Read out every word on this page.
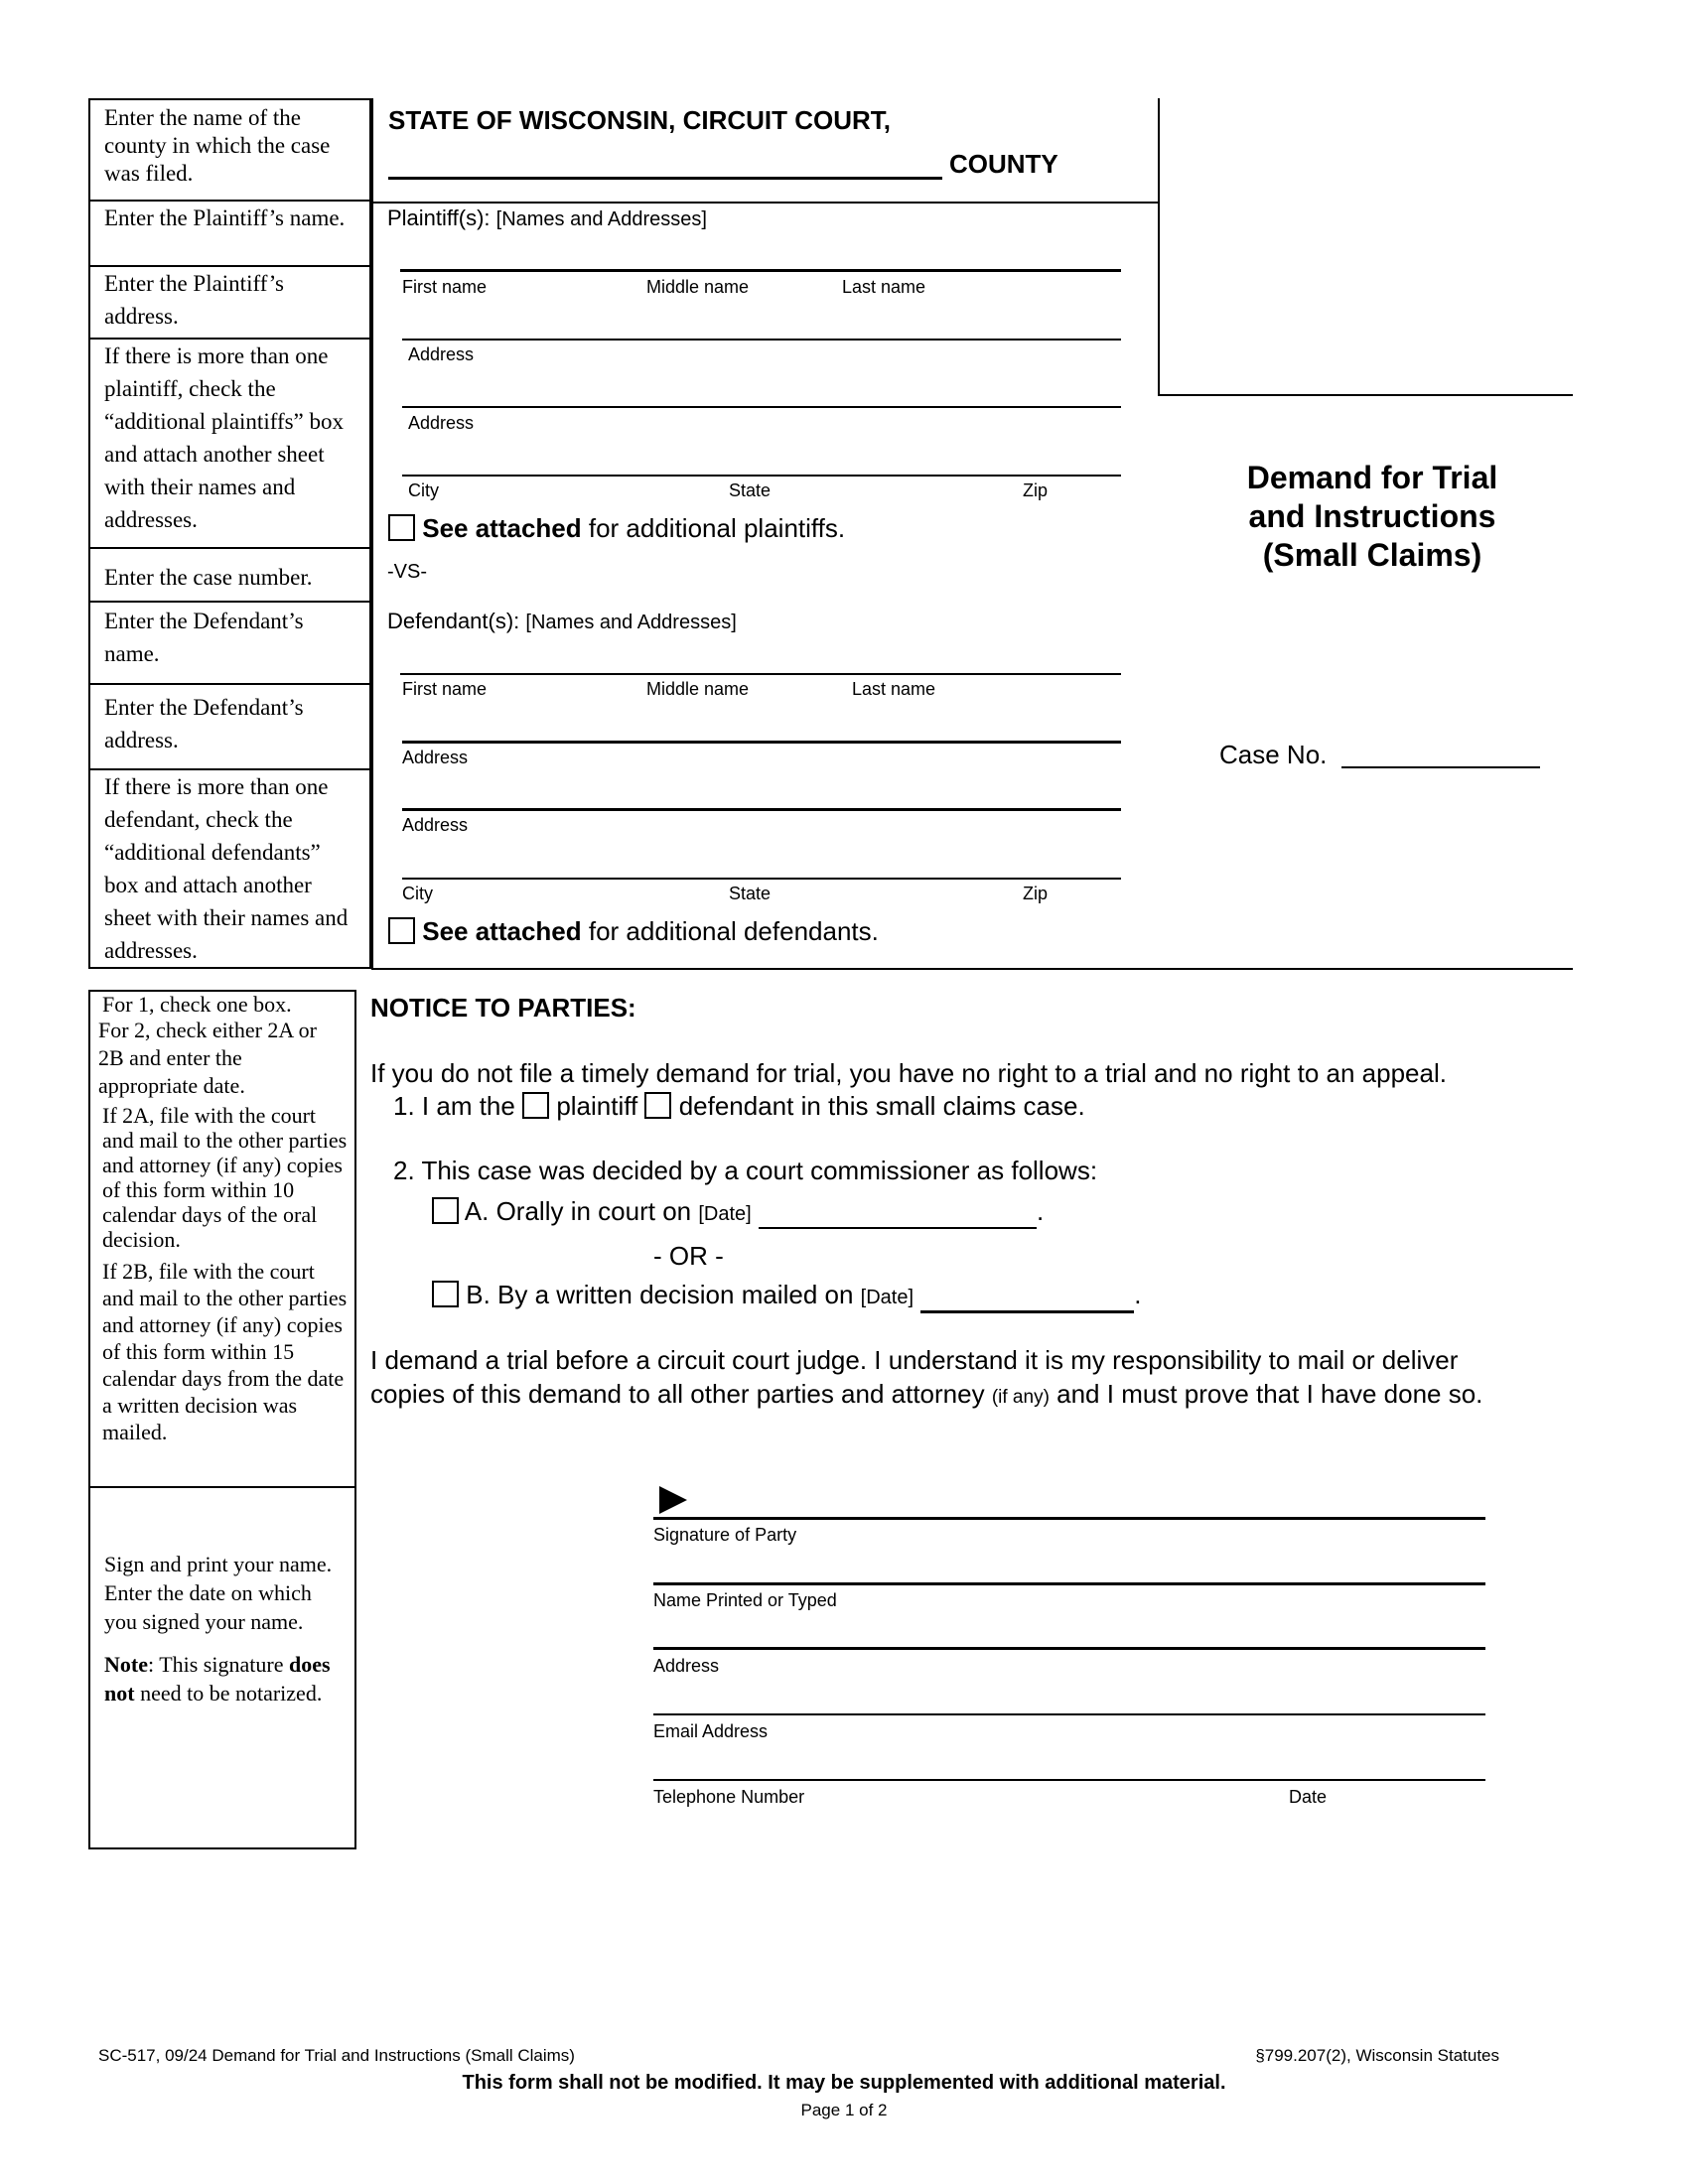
Enter the name of the county in which the case was filed.
Enter the Plaintiff’s name.
Enter the Plaintiff’s address.
If there is more than one plaintiff, check the “additional plaintiffs” box and attach another sheet with their names and addresses.
Enter the case number.
Enter the Defendant’s name.
Enter the Defendant’s address.
If there is more than one defendant, check the “additional defendants” box and attach another sheet with their names and addresses.
STATE OF WISCONSIN, CIRCUIT COURT,
COUNTY
Plaintiff(s): [Names and Addresses]
First name	Middle name	Last name
Address
Address
City	State	Zip
See attached for additional plaintiffs.
-VS-
Defendant(s): [Names and Addresses]
First name	Middle name	Last name
Address
Address
City	State	Zip
See attached for additional defendants.
Demand for Trial
and Instructions
(Small Claims)
Case No.
For 1, check one box.
For 2, check either 2A or 2B and enter the appropriate date.
If 2A, file with the court and mail to the other parties and attorney (if any) copies of this form within 10 calendar days of the oral decision.
If 2B, file with the court and mail to the other parties and attorney (if any) copies of this form within 15 calendar days from the date a written decision was mailed.
Sign and print your name. Enter the date on which you signed your name.
Note: This signature does not need to be notarized.
NOTICE TO PARTIES:
If you do not file a timely demand for trial, you have no right to a trial and no right to an appeal.
1. I am the plaintiff defendant in this small claims case.
2. This case was decided by a court commissioner as follows:
A. Orally in court on [Date]	.
- OR -
B. By a written decision mailed on [Date]	.
I demand a trial before a circuit court judge. I understand it is my responsibility to mail or deliver
copies of this demand to all other parties and attorney (if any) and I must prove that I have done so.
Signature of Party
Name Printed or Typed
Address
Email Address
Telephone Number	Date
SC-517, 09/24 Demand for Trial and Instructions (Small Claims)	§799.207(2), Wisconsin Statutes
This form shall not be modified. It may be supplemented with additional material.
Page 1 of 2
